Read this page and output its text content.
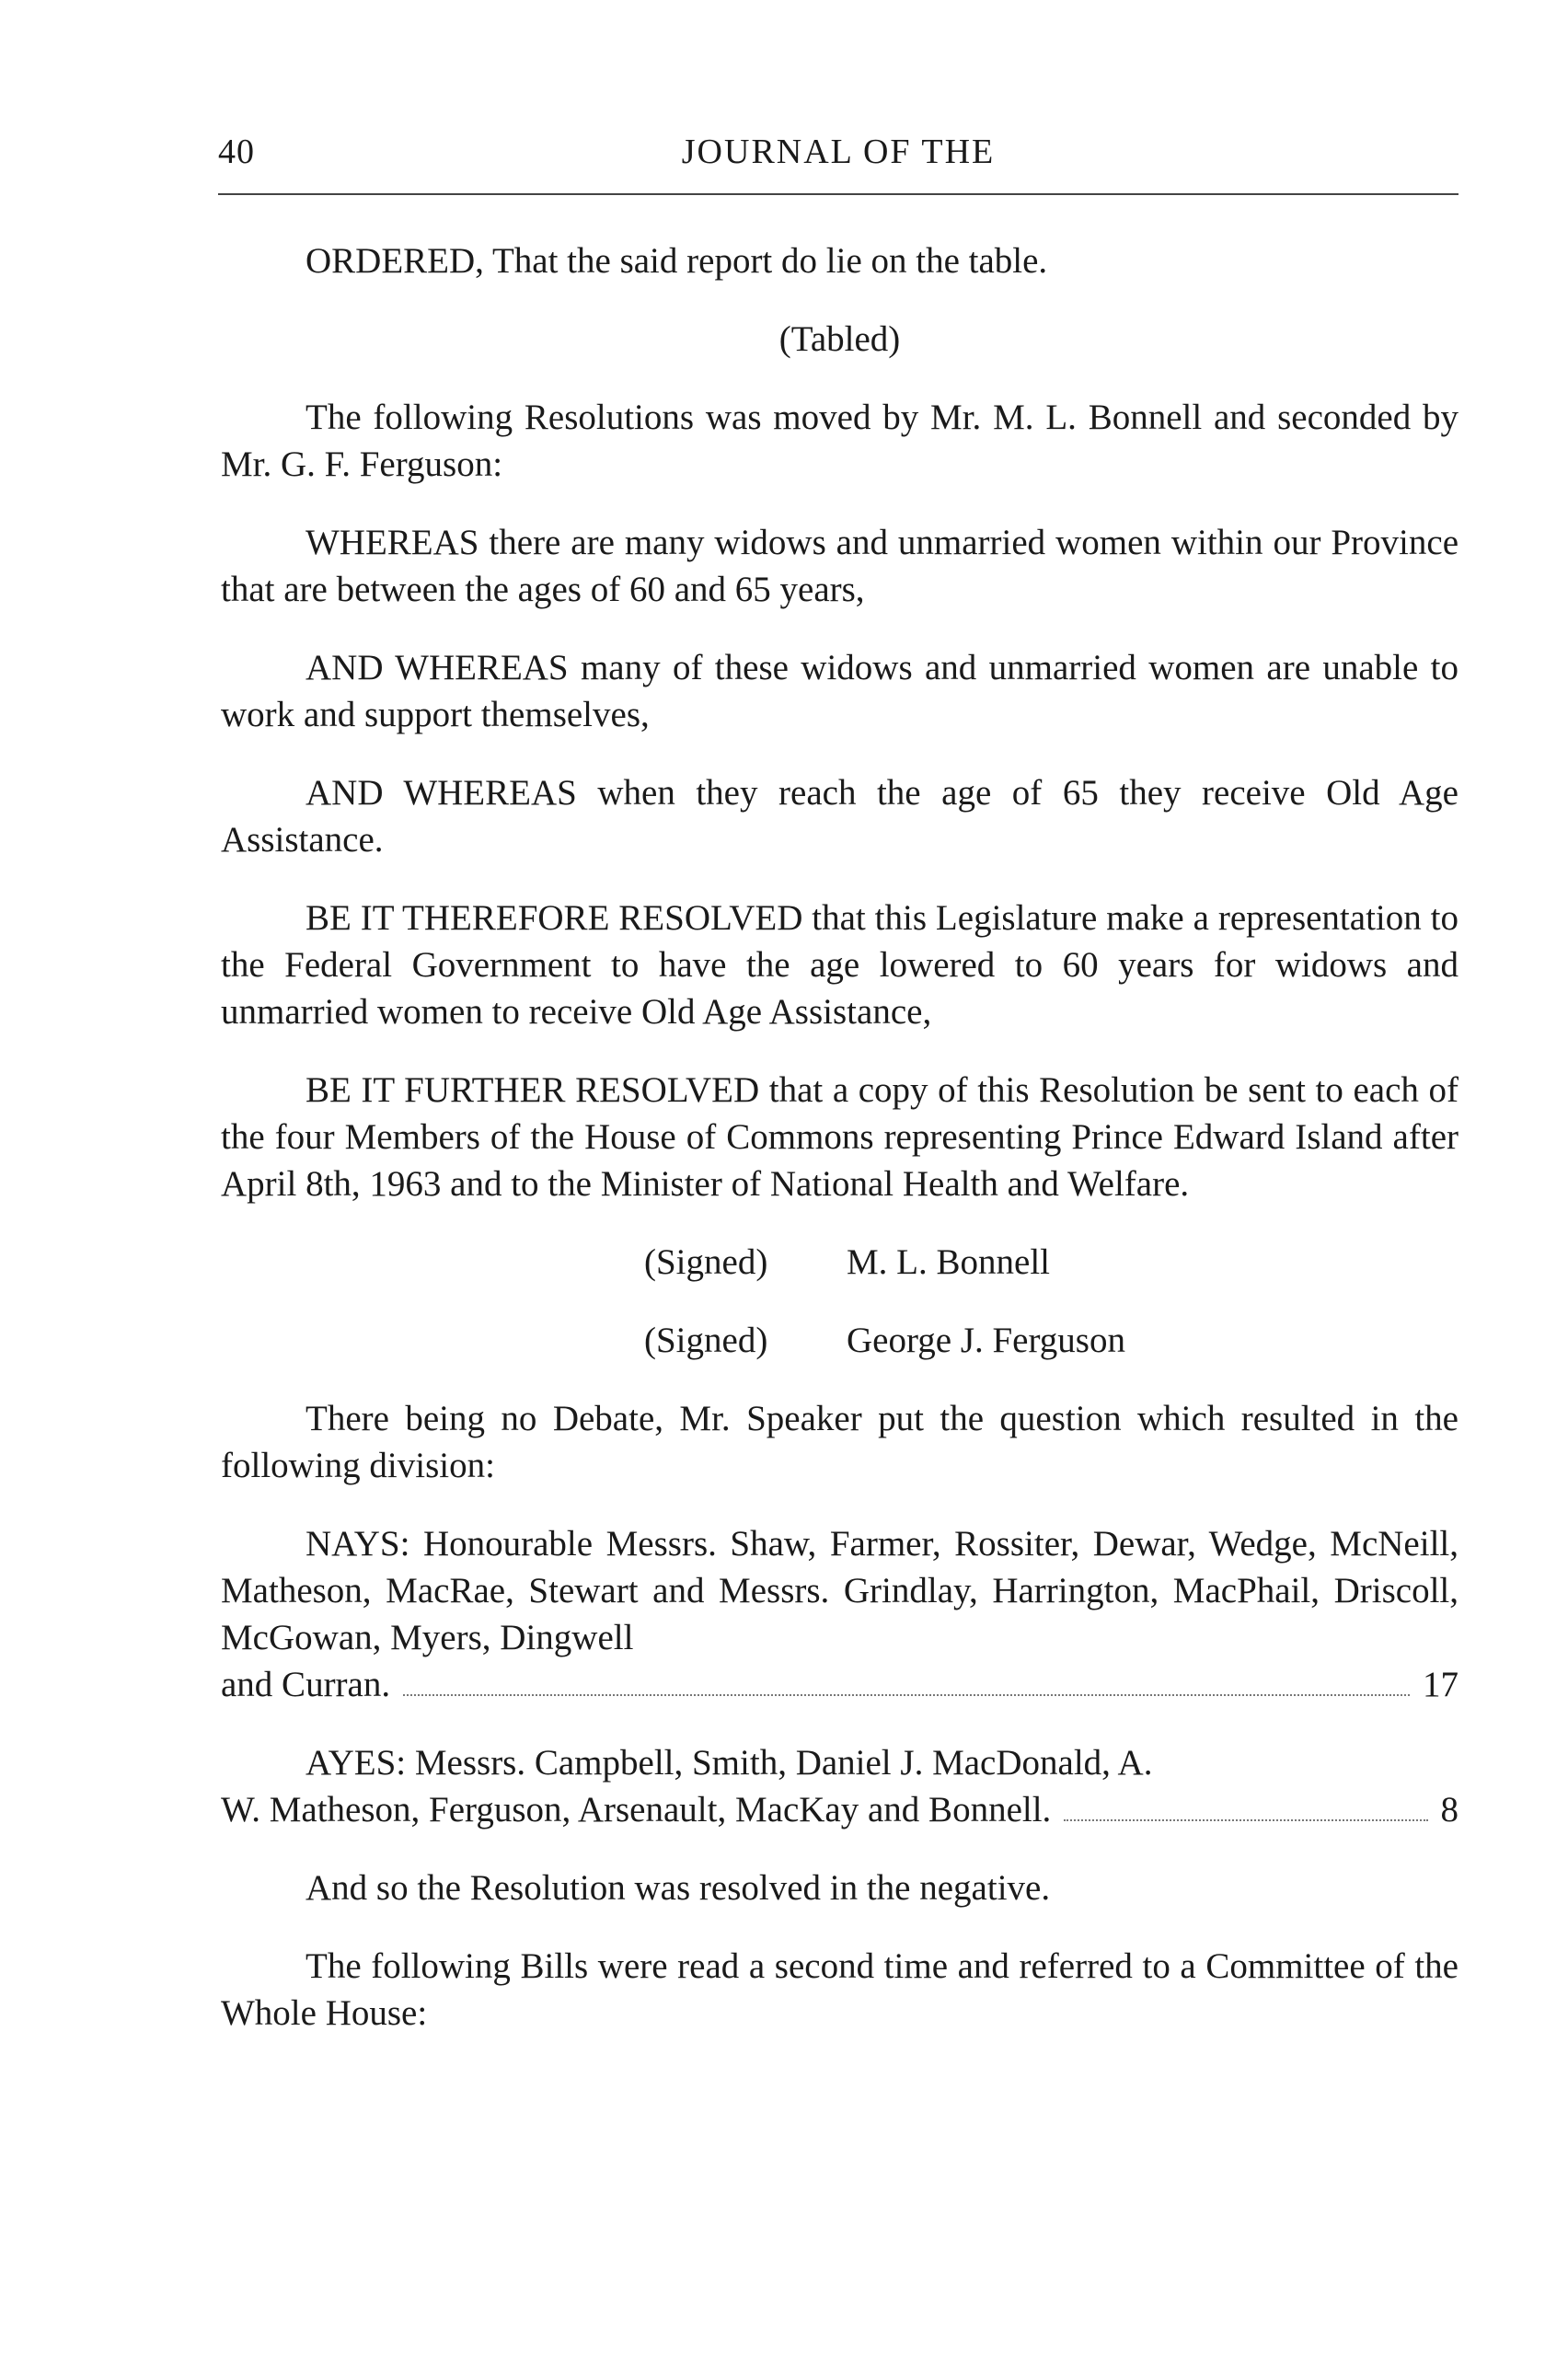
40	JOURNAL OF THE

ORDERED, That the said report do lie on the table.

(Tabled)

The following Resolutions was moved by Mr. M. L. Bonnell and seconded by Mr. G. F. Ferguson:

WHEREAS there are many widows and unmarried women within our Province that are between the ages of 60 and 65 years,

AND WHEREAS many of these widows and unmarried women are unable to work and support themselves,

AND WHEREAS when they reach the age of 65 they receive Old Age Assistance.

BE IT THEREFORE RESOLVED that this Legislature make a representation to the Federal Government to have the age lowered to 60 years for widows and unmarried women to receive Old Age Assistance,

BE IT FURTHER RESOLVED that a copy of this Resolution be sent to each of the four Members of the House of Commons representing Prince Edward Island after April 8th, 1963 and to the Minister of National Health and Welfare.

(Signed) M. L. Bonnell
(Signed) George J. Ferguson

There being no Debate, Mr. Speaker put the question which resulted in the following division:

NAYS: Honourable Messrs. Shaw, Farmer, Rossiter, Dewar, Wedge, McNeill, Matheson, MacRae, Stewart and Messrs. Grindlay, Harrington, MacPhail, Driscoll, McGowan, Myers, Dingwell
and Curran.	17
AYES: Messrs. Campbell, Smith, Daniel J. MacDonald, A.
W. Matheson, Ferguson, Arsenault, MacKay and Bonnell.	8

And so the Resolution was resolved in the negative.

The following Bills were read a second time and referred to a Committee of the Whole House:
